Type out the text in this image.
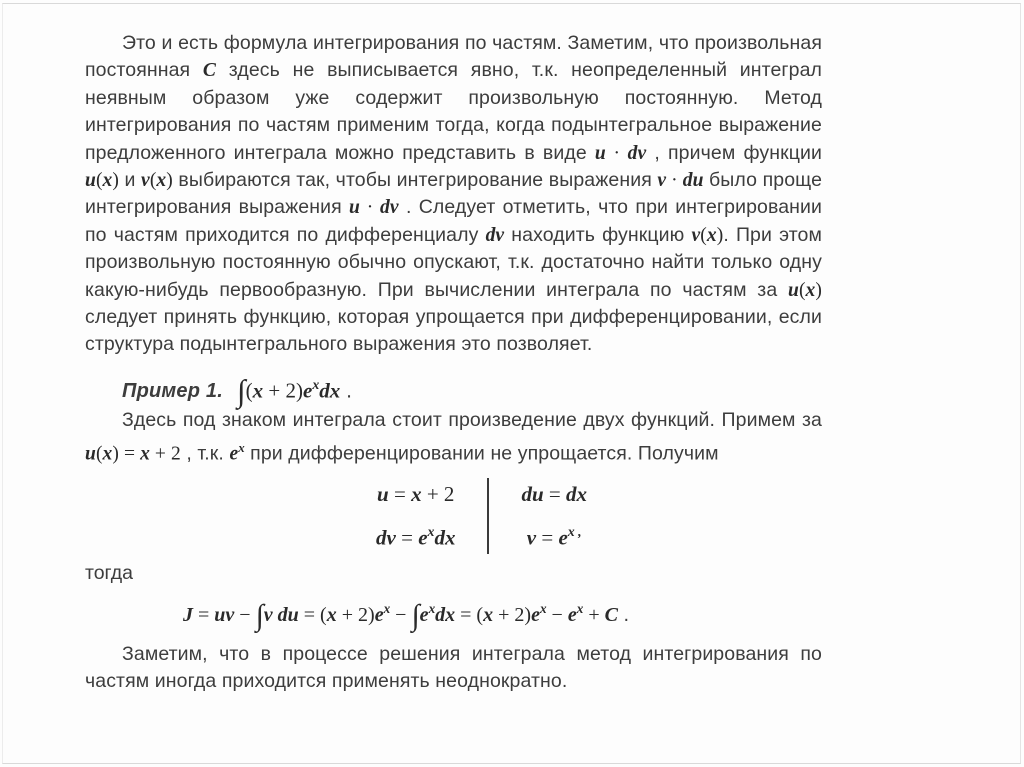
Это и есть формула интегрирования по частям. Заметим, что произвольная постоянная C здесь не выписывается явно, т.к. неопределенный интеграл неявным образом уже содержит произвольную постоянную. Метод интегрирования по частям применим тогда, когда подынтегральное выражение предложенного интеграла можно представить в виде u · dv , причем функции u(x) и v(x) выбираются так, чтобы интегрирование выражения v · du было проще интегрирования выражения u · dv . Следует отметить, что при интегрировании по частям приходится по дифференциалу dv находить функцию v(x). При этом произвольную постоянную обычно опускают, т.к. достаточно найти только одну какую-нибудь первообразную. При вычислении интеграла по частям за u(x) следует принять функцию, которая упрощается при дифференцировании, если структура подынтегрального выражения это позволяет.

Пример 1. $\int(x + 2)e^xdx$ .

Здесь под знаком интеграла стоит произведение двух функций. Примем за u(x) = x + 2 , т.к. $e^x$ при дифференцировании не упрощается. Получим

u = x + 2
dv = $e^xdx$
du = dx
$v = e^x$ ,
тогда
J = uv − ∫v du = $(x + 2)e^x - \int e^xdx = (x + 2)e^x - e^x + C$ .

Заметим, что в процессе решения интеграла метод интегрирования по частям иногда приходится применять неоднократно.
